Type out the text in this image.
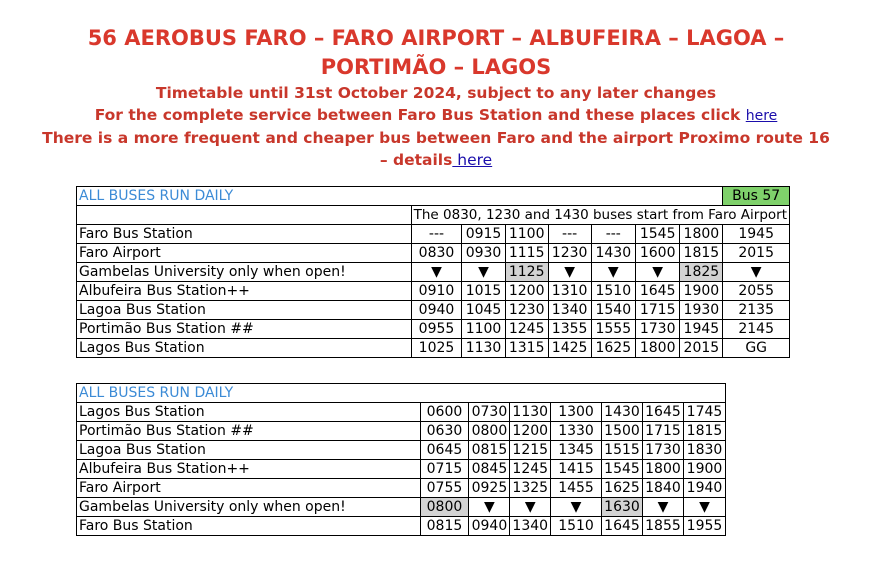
56 AEROBUS FARO – FARO AIRPORT – ALBUFEIRA – LAGOA –

PORTIMÃO – LAGOS

Timetable until 31st October 2024, subject to any later changes

For the complete service between Faro Bus Station and these places click here

There is a more frequent and cheaper bus between Faro and the airport Proximo route 16

– details here

ALL BUSES RUN DAILY								Bus 57
	The 0830, 1230 and 1430 buses start from Faro Airport							
Faro Bus Station	---	0915	1100	---	---	1545	1800	1945
Faro Airport	0830	0930	1115	1230	1430	1600	1815	2015
Gambelas University only when open!	▼	▼	1125	▼	▼	▼	1825	▼
Albufeira Bus Station++	0910	1015	1200	1310	1510	1645	1900	2055
Lagoa Bus Station	0940	1045	1230	1340	1540	1715	1930	2135
Portimão Bus Station ##	0955	1100	1245	1355	1555	1730	1945	2145
Lagos Bus Station	1025	1130	1315	1425	1625	1800	2015	GG
ALL BUSES RUN DAILY							
Lagos Bus Station	0600	0730	1130	1300	1430	1645	1745
Portimão Bus Station ##	0630	0800	1200	1330	1500	1715	1815
Lagoa Bus Station	0645	0815	1215	1345	1515	1730	1830
Albufeira Bus Station++	0715	0845	1245	1415	1545	1800	1900
Faro Airport	0755	0925	1325	1455	1625	1840	1940
Gambelas University only when open!	0800	▼	▼	▼	1630	▼	▼
Faro Bus Station	0815	0940	1340	1510	1645	1855	1955
